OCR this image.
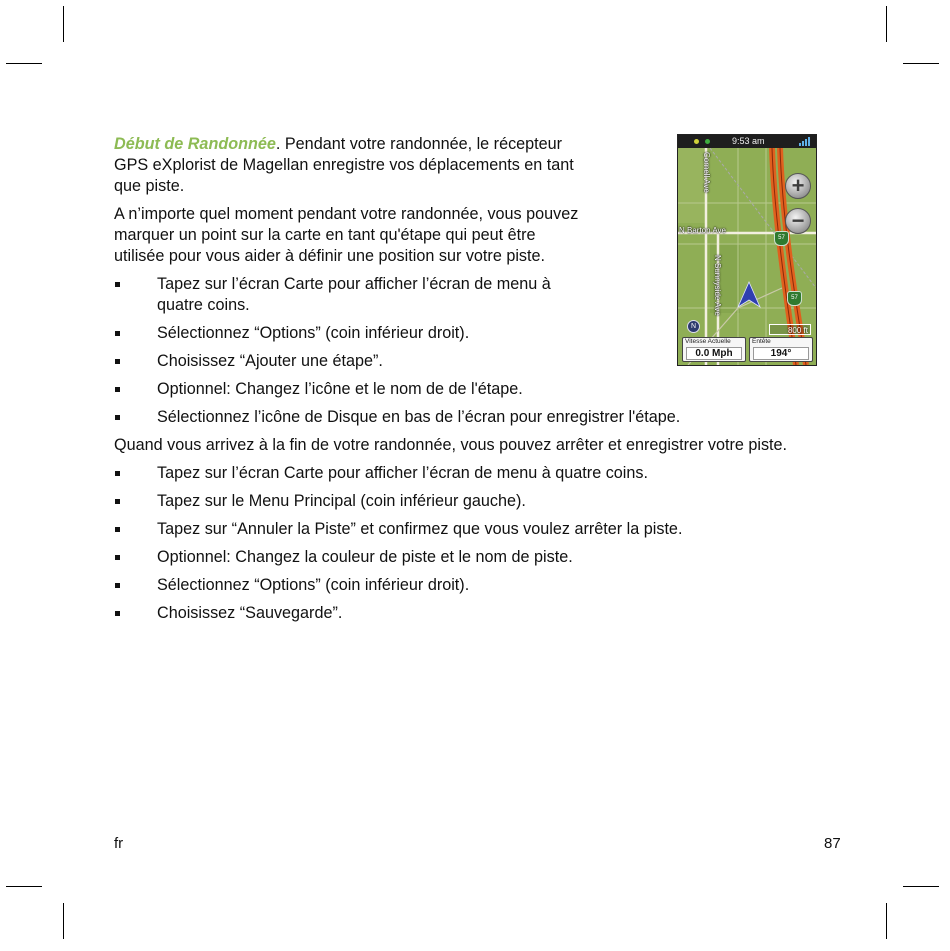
Début de Randonnée. Pendant votre randonnée, le récepteur GPS eXplorist de Magellan enregistre vos déplacements en tant que piste.

A n’importe quel moment pendant votre randonnée, vous pouvez marquer un point sur la carte en tant qu'étape qui peut être utilisée pour vous aider à définir une position sur votre piste.

Tapez sur l’écran Carte pour afficher l’écran de menu à quatre coins.
Sélectionnez “Options” (coin inférieur droit).
Choisissez “Ajouter une étape”.
Optionnel: Changez l’icône et le nom de de l'étape.
Sélectionnez l’icône de Disque en bas de l’écran pour enregistrer l'étape.

Quand vous arrivez à la fin de votre randonnée, vous pouvez arrêter et enregistrer votre piste.

Tapez sur l’écran Carte pour afficher l’écran de menu à quatre coins.
Tapez sur le Menu Principal (coin inférieur gauche).
Tapez sur “Annuler la Piste” et confirmez que vous voulez arrêter la piste.
Optionnel: Changez la couleur de piste et le nom de piste.
Sélectionnez “Options” (coin inférieur droit).
Choisissez “Sauvegarde”.
9:53 am
Cornell Ave
N Barton Ave
N Sunnyside Ave
57
57
+
−
N	800 ft
Vitesse Actuelle
0.0 Mph
Entête
194°
fr	87
